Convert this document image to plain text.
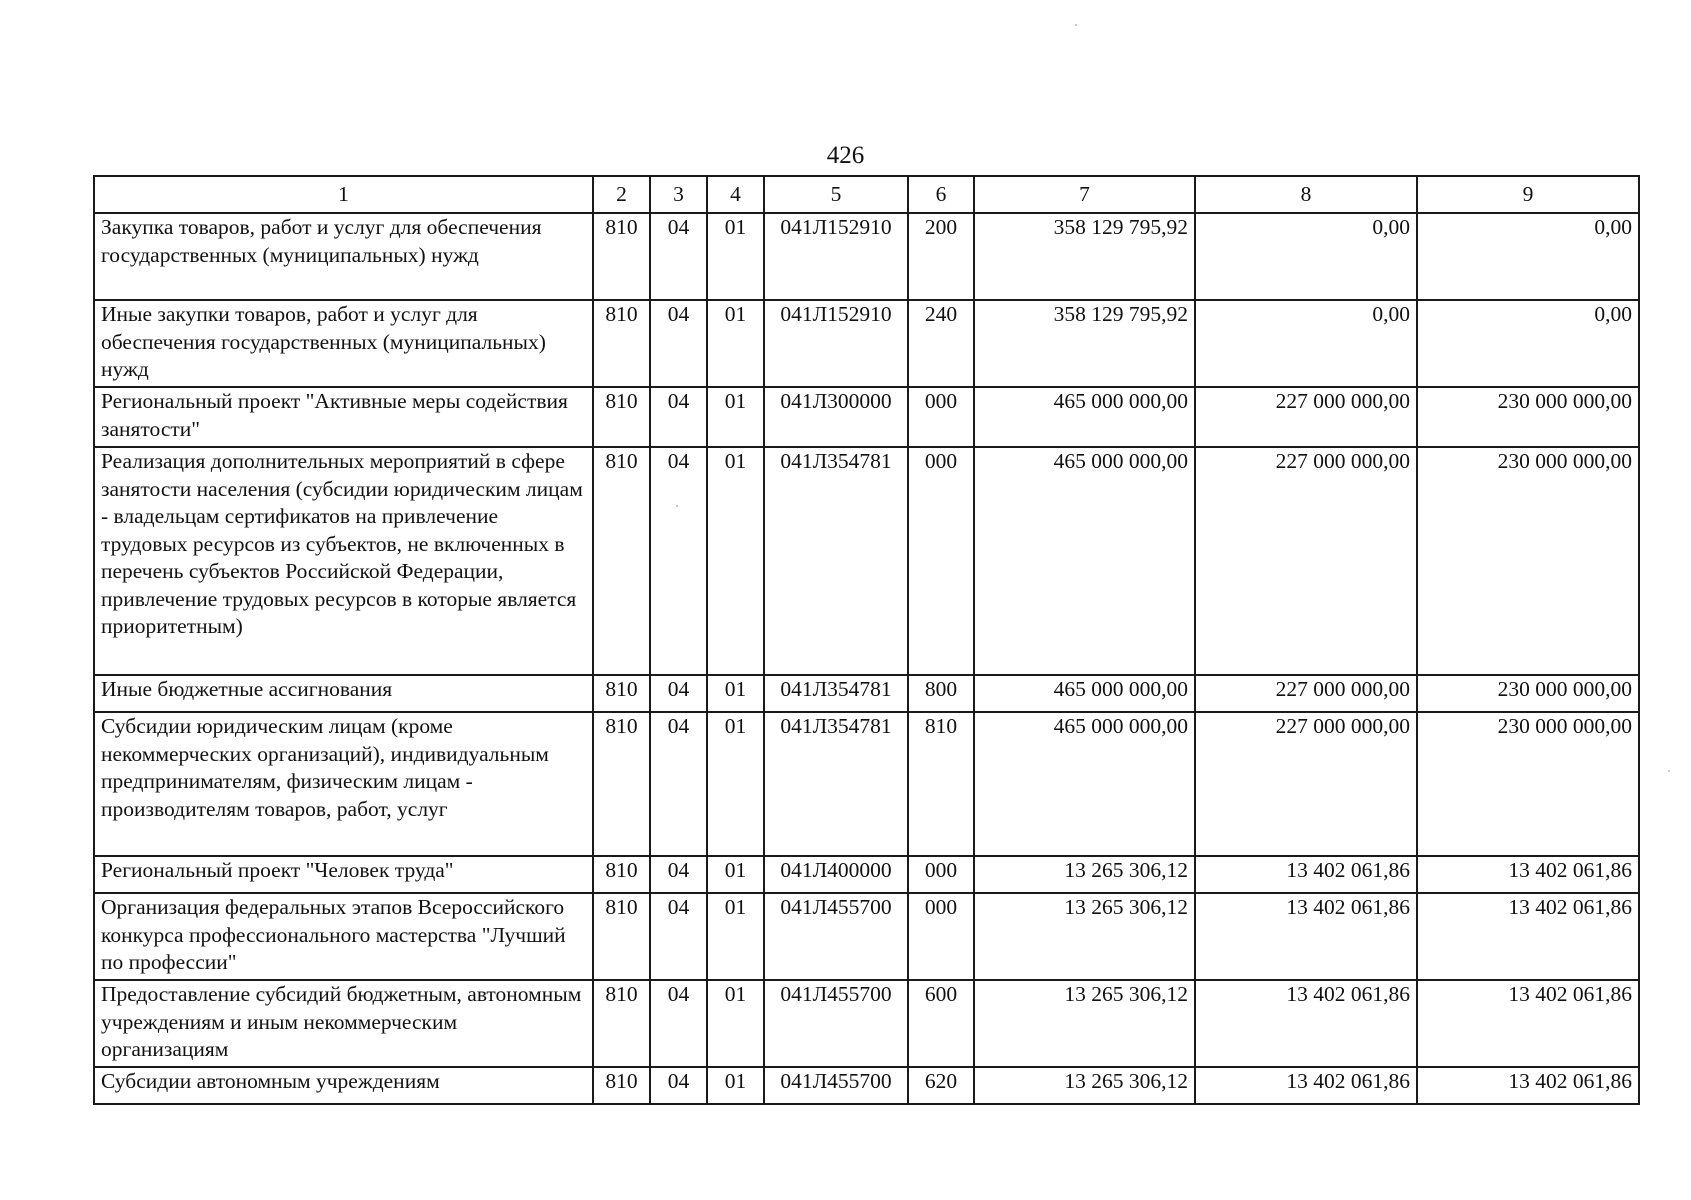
426
1	2	3	4	5	6	7	8	9
Закупка товаров, работ и услуг для обеспечения государственных (муниципальных) нужд	810	04	01	041Л152910	200	358 129 795,92	0,00	0,00
Иные закупки товаров, работ и услуг для обеспечения государственных (муниципальных) нужд	810	04	01	041Л152910	240	358 129 795,92	0,00	0,00
Региональный проект "Активные меры содействия занятости"	810	04	01	041Л300000	000	465 000 000,00	227 000 000,00	230 000 000,00
Реализация дополнительных мероприятий в сфере занятости населения (субсидии юридическим лицам - владельцам сертификатов на привлечение трудовых ресурсов из субъектов, не включенных в перечень субъектов Российской Федерации, привлечение трудовых ресурсов в которые является приоритетным)	810	04	01	041Л354781	000	465 000 000,00	227 000 000,00	230 000 000,00
Иные бюджетные ассигнования	810	04	01	041Л354781	800	465 000 000,00	227 000 000,00	230 000 000,00
Субсидии юридическим лицам (кроме некоммерческих организаций), индивидуальным предпринимателям, физическим лицам - производителям товаров, работ, услуг	810	04	01	041Л354781	810	465 000 000,00	227 000 000,00	230 000 000,00
Региональный проект "Человек труда"	810	04	01	041Л400000	000	13 265 306,12	13 402 061,86	13 402 061,86
Организация федеральных этапов Всероссийского конкурса профессионального мастерства "Лучший по профессии"	810	04	01	041Л455700	000	13 265 306,12	13 402 061,86	13 402 061,86
Предоставление субсидий бюджетным, автономным учреждениям и иным некоммерческим организациям	810	04	01	041Л455700	600	13 265 306,12	13 402 061,86	13 402 061,86
Субсидии автономным учреждениям	810	04	01	041Л455700	620	13 265 306,12	13 402 061,86	13 402 061,86
